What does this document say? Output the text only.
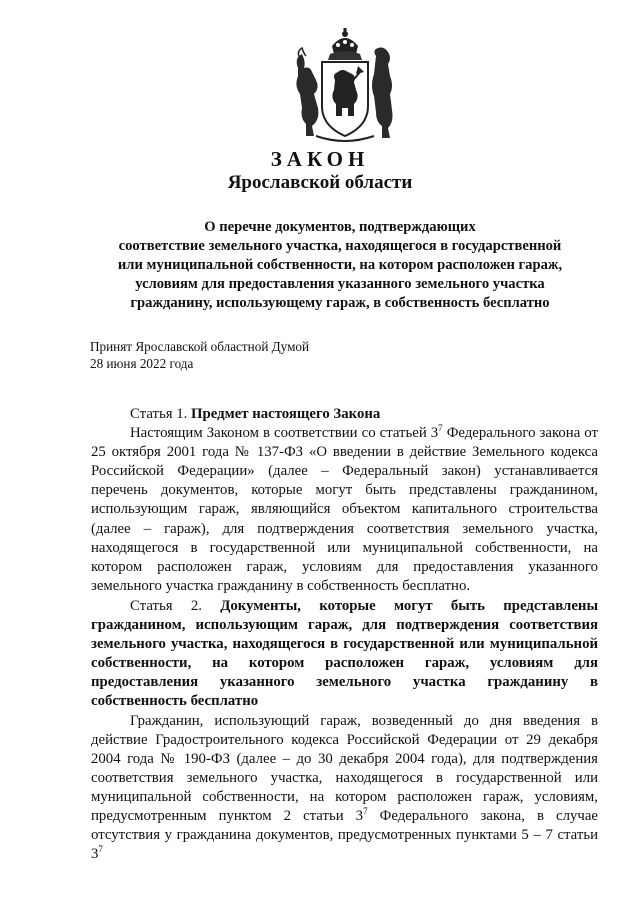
ЗАКОН
Ярославской области
О перечне документов, подтверждающих
соответствие земельного участка, находящегося в государственной
или муниципальной собственности, на котором расположен гараж,
условиям для предоставления указанного земельного участка
гражданину, использующему гараж, в собственность бесплатно
Принят Ярославской областной Думой
28 июня 2022 года
Статья 1. Предмет настоящего Закона

Настоящим Законом в соответствии со статьей $3^7$ Федерального закона от 25 октября 2001 года № 137-ФЗ «О введении в действие Земельного кодекса Российской Федерации» (далее – Федеральный закон) устанавливается перечень документов, которые могут быть представлены гражданином, использующим гараж, являющийся объектом капитального строительства (далее – гараж), для подтверждения соответствия земельного участка, находящегося в государственной или муниципальной собственности, на котором расположен гараж, условиям для предоставления указанного земельного участка гражданину в собственность бесплатно.

Статья 2. Документы, которые могут быть представлены гражданином, использующим гараж, для подтверждения соответствия земельного участка, находящегося в государственной или муниципальной собственности, на котором расположен гараж, условиям для предоставления указанного земельного участка гражданину в собственность бесплатно

Гражданин, использующий гараж, возведенный до дня введения в действие Градостроительного кодекса Российской Федерации от 29 декабря 2004 года № 190-ФЗ (далее – до 30 декабря 2004 года), для подтверждения соответствия земельного участка, находящегося в государственной или муниципальной собственности, на котором расположен гараж, условиям, предусмотренным пунктом 2 статьи $3^7$ Федерального закона, в случае отсутствия у гражданина документов, предусмотренных пунктами 5 – 7 статьи $3^7$
